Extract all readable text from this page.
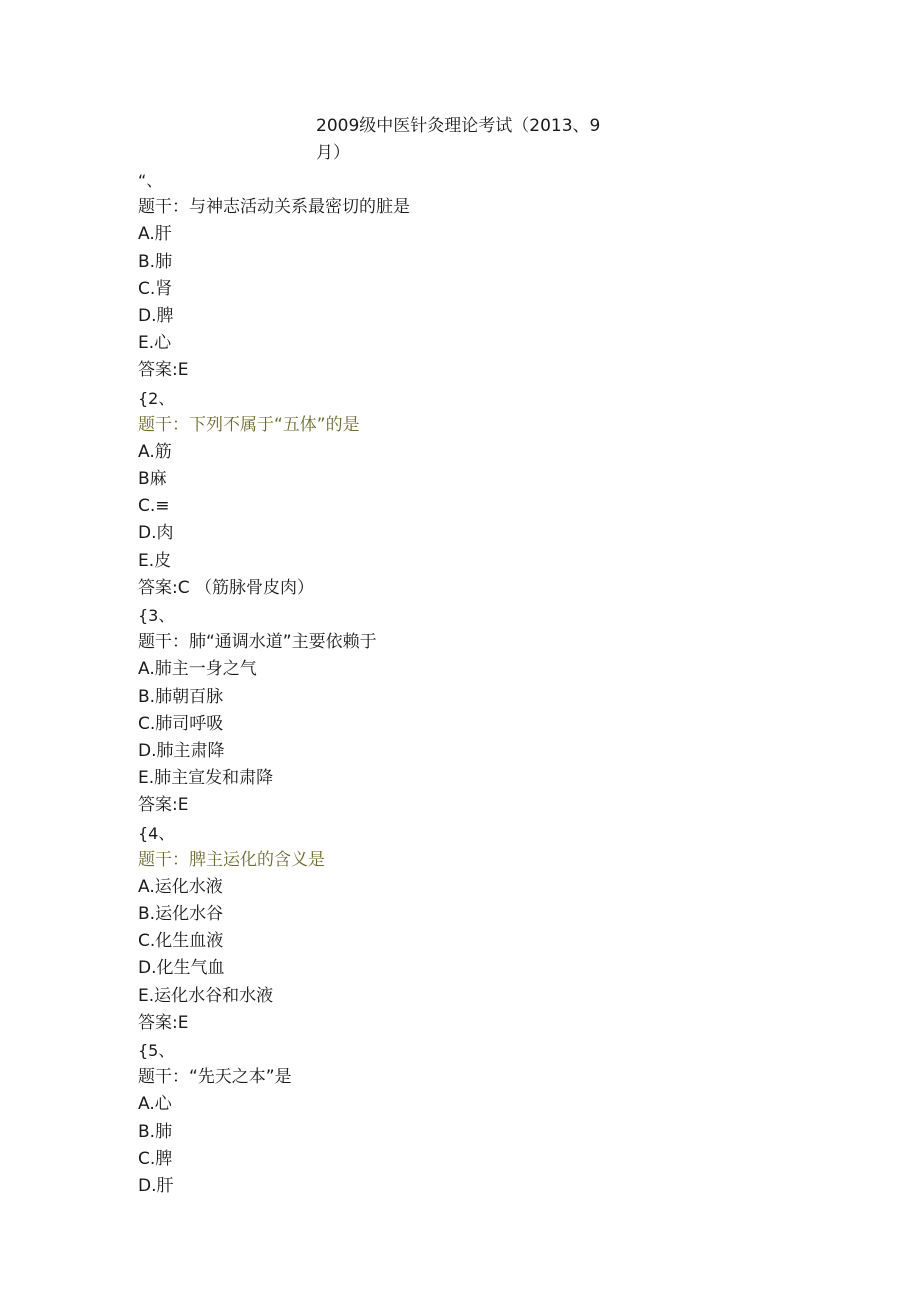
2009级中医针灸理论考试（2013、9月）
“、
题干：与神志活动关系最密切的脏是
A.肝
B.肺
C.肾
D.脾
E.心
答案:E
{2、
题干：下列不属于“五体”的是
A.筋
B麻
C.≡
D.肉
E.皮
答案:C （筋脉骨皮肉）
{3、
题干：肺“通调水道”主要依赖于
A.肺主一身之气
B.肺朝百脉
C.肺司呼吸
D.肺主肃降
E.肺主宣发和肃降
答案:E
{4、
题干：脾主运化的含义是
A.运化水液
B.运化水谷
C.化生血液
D.化生气血
E.运化水谷和水液
答案:E
{5、
题干：“先天之本”是
A.心
B.肺
C.脾
D.肝
